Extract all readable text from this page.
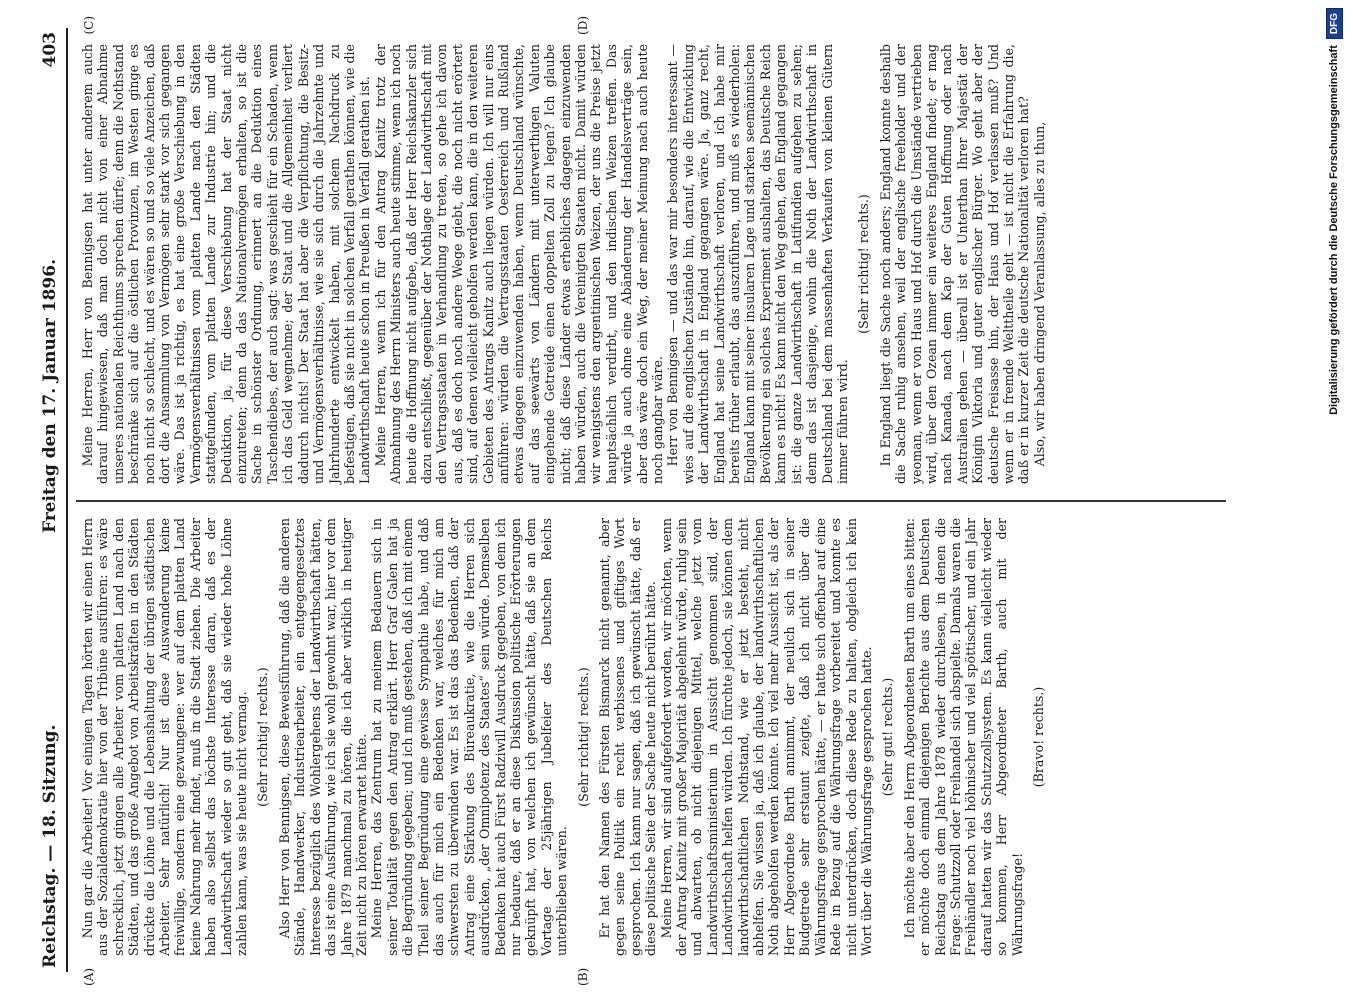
Reichstag. — 18. Sitzung.
Freitag den 17. Januar 1896.
403
(A)	(B)

Nun gar die Arbeiter! Vor einigen Tagen hörten wir einen Herrn aus der Sozialdemokratie hier von der Tribüne ausführen: es wäre schrecklich, jetzt gingen alle Arbeiter vom platten Land nach den Städten, und das große Angebot von Arbeitskräften in den Städten drückte die Löhne und die Lebenshaltung der übrigen städtischen Arbeiter. Sehr natürlich! Nur ist diese Auswanderung keine freiwillige, sondern eine gezwungene: wer auf dem platten Land keine Nahrung mehr findet, muß in die Stadt ziehen. Die Arbeiter haben also selbst das höchste Interesse daran, daß es der Landwirthschaft wieder so gut geht, daß sie wieder hohe Löhne zahlen kann, was sie heute nicht vermag. (Sehr richtig! rechts.) Also Herr von Bennigsen, diese Beweisführung, daß die anderen Stände, Handwerker, Industriearbeiter, ein entgegengesetztes Interesse bezüglich des Wohlergehens der Landwirthschaft hätten, das ist eine Ausführung, wie ich sie wohl gewohnt war, hier vor dem Jahre 1879 manchmal zu hören, die ich aber wirklich in heutiger Zeit nicht zu hören erwartet hätte. Meine Herren, das Zentrum hat zu meinem Bedauern sich in seiner Totalität gegen den Antrag erklärt. Herr Graf Galen hat ja die Begründung gegeben; und ich muß gestehen, daß ich mit einem Theil seiner Begründung eine gewisse Sympathie habe, und daß das auch für mich ein Bedenken war, welches für mich am schwersten zu überwinden war. Es ist das das Bedenken, daß der Antrag eine Stärkung des Büreaukratie, wie die Herren sich ausdrücken, „der Omnipotenz des Staates“ sein würde. Demselben Bedenken hat auch Fürst Radziwill Ausdruck gegeben, von dem ich nur bedaure, daß er an diese Diskussion politische Erörterungen geknüpft hat, von welchen ich gewünscht hätte, daß sie an dem Vortage der 25jährigen Jubelfeier des Deutschen Reichs unterblieben wären.

(Sehr richtig! rechts.) Er hat den Namen des Fürsten Bismarck nicht genannt, aber gegen seine Politik ein recht verbissenes und giftiges Wort gesprochen. Ich kann nur sagen, daß ich gewünscht hätte, daß er diese politische Seite der Sache heute nicht berührt hätte. Meine Herren, wir sind aufgefordert worden, wir möchten, wenn der Antrag Kanitz mit großer Majorität abgelehnt würde, ruhig sein und abwarten, ob nicht diejenigen Mittel, welche jetzt vom Landwirthschaftsministerium in Aussicht genommen sind, der Landwirthschaft helfen würden. Ich fürchte jedoch, sie können dem landwirthschaftlichen Nothstand, wie er jetzt besteht, nicht abhelfen. Sie wissen ja, daß ich glaube, der landwirthschaftlichen Noth abgeholfen werden könnte. Ich viel mehr Aussicht ist, als der Herr Abgeordnete Barth annimmt, der neulich sich in seiner Budgetrede sehr erstaunt zeigte, daß ich nicht über die Währungsfrage gesprochen hätte, — er hatte sich offenbar auf eine Rede in Bezug auf die Währungsfrage vorbereitet und konnte es nicht unterdrücken, doch diese Rede zu halten, obgleich ich kein Wort über die Währungsfrage gesprochen hatte. (Sehr gut! rechts.) Ich möchte aber den Herrn Abgeordneten Barth um eines bitten: er möchte doch einmal diejenigen Berichte aus dem Deutschen Reichstag aus dem Jahre 1878 wieder durchlesen, in denen die Frage: Schutzzoll oder Freihandel sich abspielte. Damals waren die Freihändler noch viel höhnischer und viel spöttischer, und ein Jahr darauf hatten wir das Schutzzollsystem. Es kann vielleicht wieder so kommen, Herr Abgeordneter Barth, auch mit der Währungsfrage!

(Bravo! rechts.)

(C)	(D)

Meine Herren, Herr von Bennigsen hat unter anderem auch darauf hingewiesen, daß man doch nicht von einer Abnahme unseres nationalen Reichthums sprechen dürfe; denn die Nothstand beschränke sich auf die östlichen Provinzen, im Westen ginge es noch nicht so schlecht, und es wären so und so viele Anzeichen, daß dort die Ansammlung von Vermögen sehr stark vor sich gegangen wäre. Das ist ja richtig, es hat eine große Verschiebung in den Vermögensverhältnissen vom platten Lande nach den Städten stattgefunden, vom platten Lande zur Industrie hin; und die Deduktion, ja, für diese Verschiebung hat der Staat nicht einzutreten; denn da das Nationalvermögen erhalten, so ist die Sache in schönster Ordnung, erinnert an die Deduktion eines Taschendiebes, der auch sagt: was geschieht für ein Schaden, wenn ich das Geld wegnehme; der Staat und die Allgemeinheit verliert dadurch nichts! Der Staat hat aber die Verpflichtung, die Besitz- und Vermögensverhältnisse, wie sie sich durch die Jahrzehnte und Jahrhunderte entwickelt haben, mit solchem Nachdruck zu befestigen, daß sie nicht in solchen Verfall gerathen können, wie die Landwirthschaft heute schon in Preußen in Verfall gerathen ist. Meine Herren, wenn ich für den Antrag Kanitz trotz der Abmahnung des Herrn Ministers auch heute stimme, wenn ich noch heute die Hoffnung nicht aufgebe, daß der Herr Reichskanzler sich dazu entschließt, gegenüber der Nothlage der Landwirthschaft mit den Vertragsstaaten in Verhandlung zu treten, so gehe ich davon aus, daß es doch noch andere Wege giebt, die noch nicht erörtert sind, auf denen vielleicht geholfen werden kann, die in den weiteren Gebieten des Antrags Kanitz auch liegen würden. Ich will nur eins anführen: würden die Vertragsstaaten Oesterreich und Rußland etwas dagegen einzuwenden haben, wenn Deutschland wünschte, auf das seewärts von Ländern mit unterwerthigen Valuten eingehende Getreide einen doppelten Zoll zu legen? Ich glaube nicht; daß diese Länder etwas erhebliches dagegen einzuwenden haben würden, auch die Vereinigten Staaten nicht. Damit würden wir wenigstens den argentinischen Weizen, der uns die Preise jetzt hauptsächlich verdirbt, und den indischen Weizen treffen. Das würde ja auch ohne eine Abänderung der Handelsverträge sein, aber das wäre doch ein Weg, der meiner Meinung nach auch heute noch gangbar wäre. Herr von Bennigsen — und das war mir besonders interessant — wies auf die englischen Zustände hin, darauf, wie die Entwicklung der Landwirthschaft in England gegangen wäre. Ja, ganz recht, England hat seine Landwirthschaft verloren, und ich habe mir bereits früher erlaubt, das auszuführen, und muß es wiederholen: England kann mit seiner insularen Lage und starken seemännischen Bevölkerung ein solches Experiment aushalten, das Deutsche Reich kann es nicht! Es kann nicht den Weg gehen, den England gegangen ist: die ganze Landwirthschaft in Latifundien aufgehen zu sehen; denn das ist dasjenige, wohin die Noth der Landwirthschaft in Deutschland bei dem massenhaften Verkaufen von kleinen Gütern immer führen wird.

(Sehr richtig! rechts.) In England liegt die Sache noch anders; England konnte deshalb die Sache ruhig ansehen, weil der englische freeholder und der yeoman, wenn er von Haus und Hof durch die Umstände vertrieben wird, über den Ozean immer ein weiteres England findet; er mag nach Kanada, nach dem Kap der Guten Hoffnung oder nach Australien gehen — überall ist er Unterthan Ihrer Majestät der Königin Viktoria und guter englischer Bürger. Wo geht aber der deutsche Freisasse hin, der Haus und Hof verlassen muß? Und wenn er in fremde Welttheile geht — ist nicht die Erfahrung die, daß er in kurzer Zeit die deutsche Nationalität verloren hat? Also, wir haben dringend Veranlassung, alles zu thun,	Digitalisierung gefördert durch die Deutsche Forschungsgemeinschaft
DFG
